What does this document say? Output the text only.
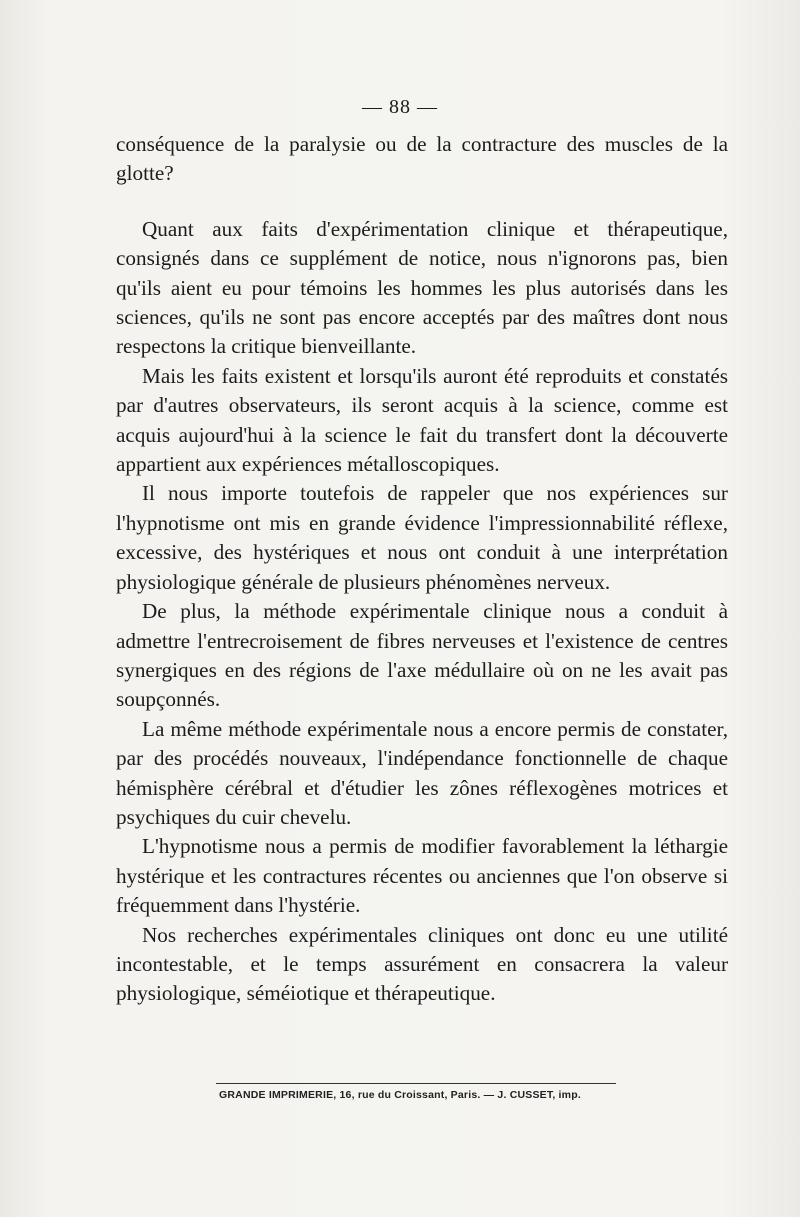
— 88 —

conséquence de la paralysie ou de la contracture des muscles de la glotte?

Quant aux faits d'expérimentation clinique et thérapeutique, consignés dans ce supplément de notice, nous n'ignorons pas, bien qu'ils aient eu pour témoins les hommes les plus autorisés dans les sciences, qu'ils ne sont pas encore acceptés par des maîtres dont nous respectons la critique bienveillante.

Mais les faits existent et lorsqu'ils auront été reproduits et constatés par d'autres observateurs, ils seront acquis à la science, comme est acquis aujourd'hui à la science le fait du transfert dont la découverte appartient aux expériences métalloscopiques.

Il nous importe toutefois de rappeler que nos expériences sur l'hypnotisme ont mis en grande évidence l'impressionnabilité réflexe, excessive, des hystériques et nous ont conduit à une interprétation physiologique générale de plusieurs phénomènes nerveux.

De plus, la méthode expérimentale clinique nous a conduit à admettre l'entrecroisement de fibres nerveuses et l'existence de centres synergiques en des régions de l'axe médullaire où on ne les avait pas soupçonnés.

La même méthode expérimentale nous a encore permis de constater, par des procédés nouveaux, l'indépendance fonctionnelle de chaque hémisphère cérébral et d'étudier les zônes réflexogènes motrices et psychiques du cuir chevelu.

L'hypnotisme nous a permis de modifier favorablement la léthargie hystérique et les contractures récentes ou anciennes que l'on observe si fréquemment dans l'hystérie.

Nos recherches expérimentales cliniques ont donc eu une utilité incontestable, et le temps assurément en consacrera la valeur physiologique, séméiotique et thérapeutique.

GRANDE IMPRIMERIE, 16, rue du Croissant, Paris. — J. CUSSET, imp.
